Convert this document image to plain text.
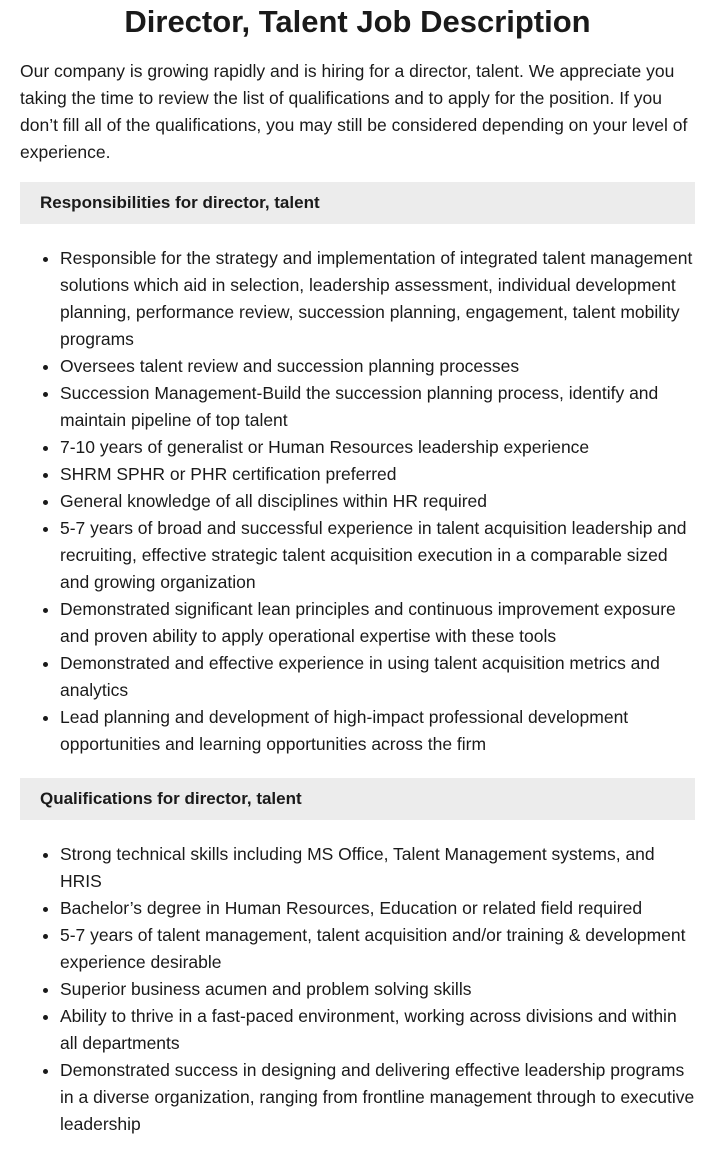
Director, Talent Job Description

Our company is growing rapidly and is hiring for a director, talent. We appreciate you taking the time to review the list of qualifications and to apply for the position. If you don’t fill all of the qualifications, you may still be considered depending on your level of experience.

Responsibilities for director, talent
• Responsible for the strategy and implementation of integrated talent management solutions which aid in selection, leadership assessment, individual development planning, performance review, succession planning, engagement, talent mobility programs
• Oversees talent review and succession planning processes
• Succession Management-Build the succession planning process, identify and maintain pipeline of top talent
• 7-10 years of generalist or Human Resources leadership experience
• SHRM SPHR or PHR certification preferred
• General knowledge of all disciplines within HR required
• 5-7 years of broad and successful experience in talent acquisition leadership and recruiting, effective strategic talent acquisition execution in a comparable sized and growing organization
• Demonstrated significant lean principles and continuous improvement exposure and proven ability to apply operational expertise with these tools
• Demonstrated and effective experience in using talent acquisition metrics and analytics
• Lead planning and development of high-impact professional development opportunities and learning opportunities across the firm
Qualifications for director, talent
• Strong technical skills including MS Office, Talent Management systems, and HRIS
• Bachelor’s degree in Human Resources, Education or related field required
• 5-7 years of talent management, talent acquisition and/or training & development experience desirable
• Superior business acumen and problem solving skills
• Ability to thrive in a fast-paced environment, working across divisions and within all departments
• Demonstrated success in designing and delivering effective leadership programs in a diverse organization, ranging from frontline management through to executive leadership
